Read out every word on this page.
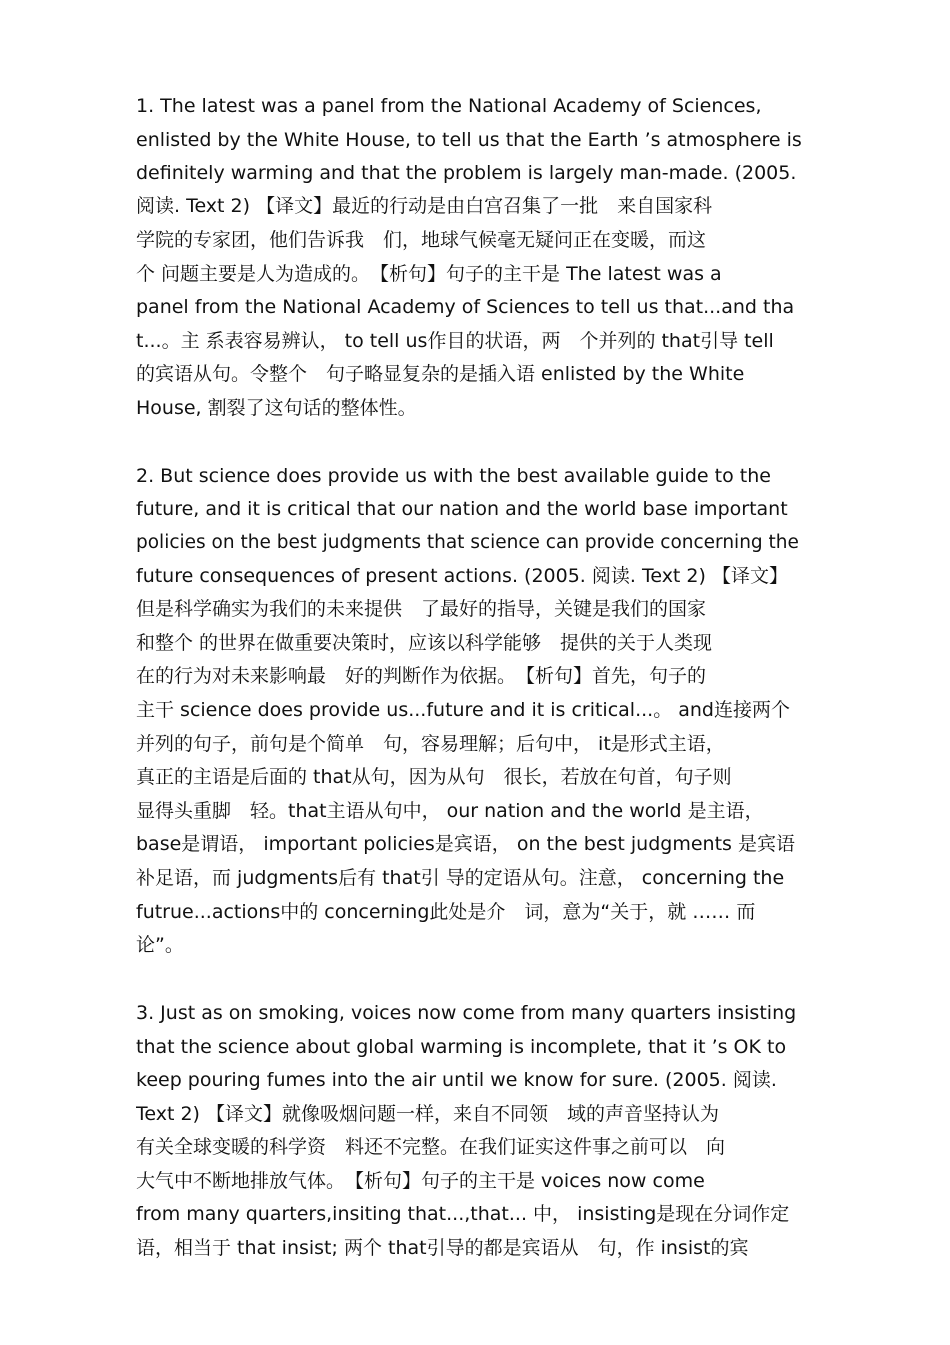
1. The latest was a panel from the National Academy of Sciences,
enlisted by the White House, to tell us that the Earth ’s atmosphere is
definitely warming and that the problem is largely man-made. (2005.
阅读. Text 2) 【译文】最近的行动是由白宫召集了一批　来自国家科
学院的专家团，他们告诉我　们，地球气候毫无疑问正在变暖，而这
个 问题主要是人为造成的。　【析句】句子的主干是 The latest was a
panel from the National Academy of Sciences to tell us that...and tha
t...。主 系表容易辨认， to tell us作目的状语，两　个并列的 that引导 tell
的宾语从句。令整个　句子略显复杂的是插入语 enlisted by the White
House, 割裂了这句话的整体性。
2. But science does provide us with the best available guide to the
future, and it is critical that our nation and the world base important
policies on the best judgments that science can provide concerning the
future consequences of present actions. (2005. 阅读. Text 2) 【译文】
但是科学确实为我们的未来提供　了最好的指导，关键是我们的国家
和整个 的世界在做重要决策时，应该以科学能够　提供的关于人类现
在的行为对未来影响最　好的判断作为依据。　【析句】首先，句子的
主干 science does provide us...future and it is critical...。 and连接两个
并列的句子，前句是个简单　句，容易理解；后句中， it是形式主语，
真正的主语是后面的 that从句，因为从句　很长，若放在句首，句子则
显得头重脚　轻。that主语从句中， our nation and the world 是主语，
base是谓语， important policies是宾语， on the best judgments 是宾语
补足语，而 judgments后有 that引 导的定语从句。注意， concerning the
futrue...actions中的 concerning此处是介　词，意为“关于，就 …… 而
论”。
3. Just as on smoking, voices now come from many quarters insisting
that the science about global warming is incomplete, that it ’s OK to
keep pouring fumes into the air until we know for sure. (2005. 阅读.
Text 2) 【译文】就像吸烟问题一样，来自不同领　域的声音坚持认为
有关全球变暖的科学资　料还不完整。在我们证实这件事之前可以　向
大气中不断地排放气体。　【析句】句子的主干是 voices now come
from many quarters,insiting that...,that... 中， insisting是现在分词作定
语，相当于 that insist; 两个 that引导的都是宾语从　句，作 insist的宾
